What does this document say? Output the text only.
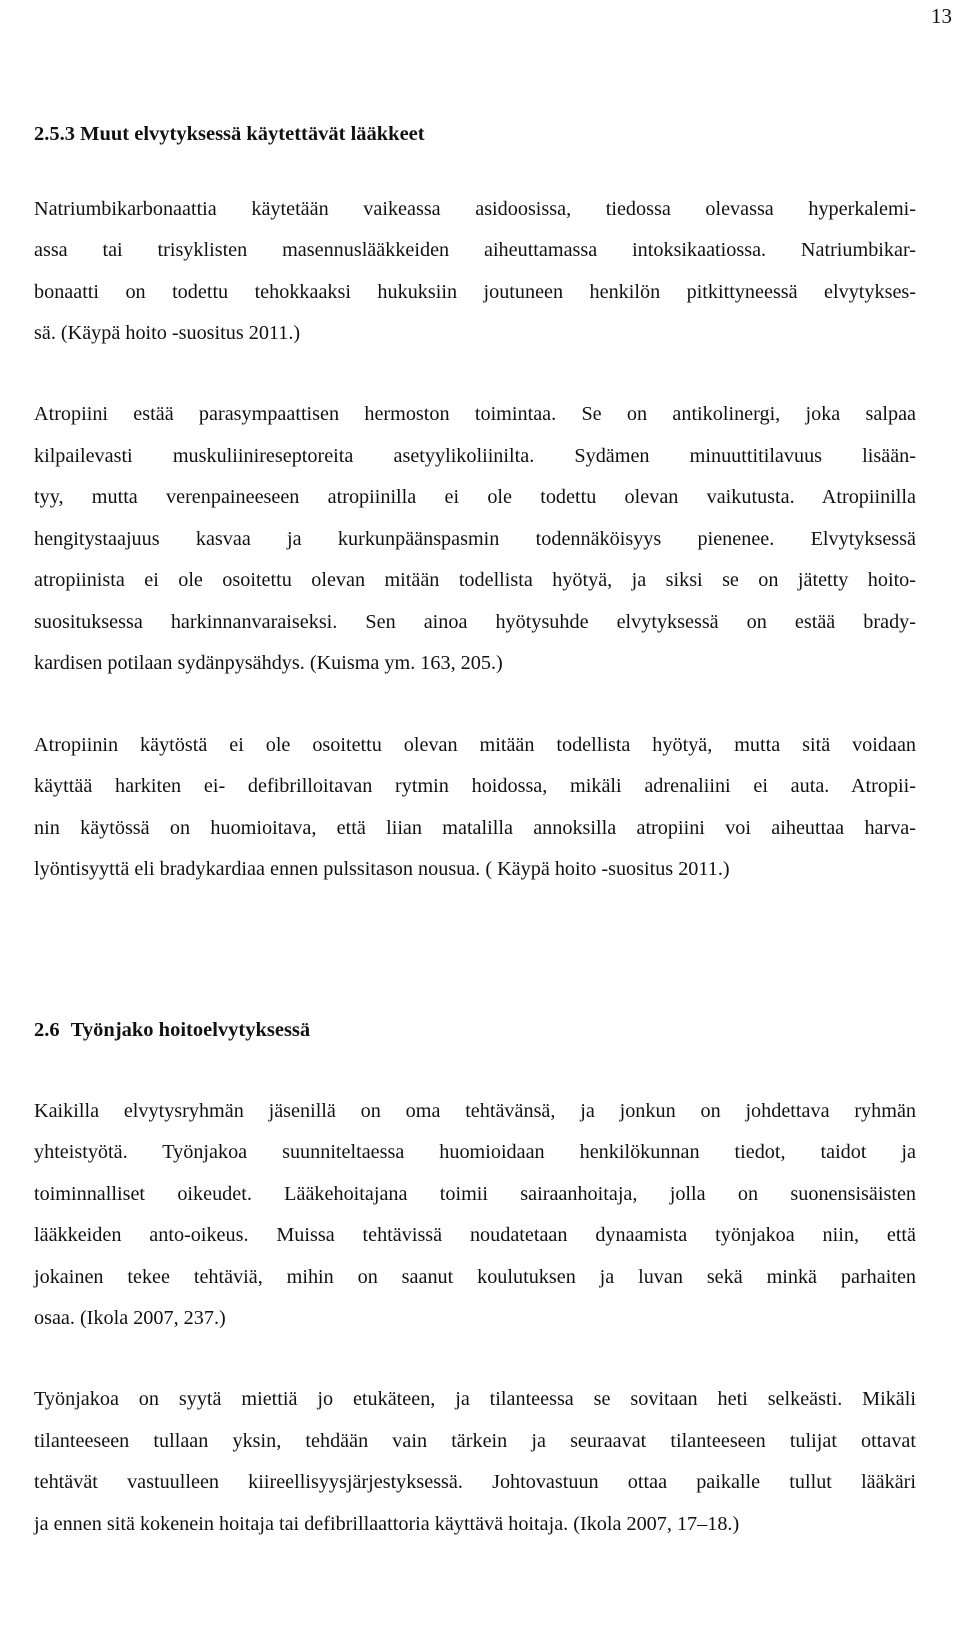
13
2.5.3 Muut elvytyksessä käytettävät lääkkeet
Natriumbikarbonaattia käytetään vaikeassa asidoosissa, tiedossa olevassa hyperkalemi-
assa tai trisyklisten masennuslääkkeiden aiheuttamassa intoksikaatiossa. Natriumbikar-
bonaatti on todettu tehokkaaksi hukuksiin joutuneen henkilön pitkittyneessä elvytykses-
sä. (Käypä hoito -suositus 2011.)
Atropiini estää parasympaattisen hermoston toimintaa. Se on antikolinergi, joka salpaa
kilpailevasti muskuliinireseptoreita asetyylikoliinilta. Sydämen minuuttitilavuus lisään-
tyy, mutta verenpaineeseen atropiinilla ei ole todettu olevan vaikutusta. Atropiinilla
hengitystaajuus kasvaa ja kurkunpäänspasmin todennäköisyys pienenee. Elvytyksessä
atropiinista ei ole osoitettu olevan mitään todellista hyötyä, ja siksi se on jätetty hoito-
suosituksessa harkinnanvaraiseksi. Sen ainoa hyötysuhde elvytyksessä on estää brady-
kardisen potilaan sydänpysähdys. (Kuisma ym. 163, 205.)
Atropiinin käytöstä ei ole osoitettu olevan mitään todellista hyötyä, mutta sitä voidaan
käyttää harkiten ei- defibrilloitavan rytmin hoidossa, mikäli adrenaliini ei auta. Atropii-
nin käytössä on huomioitava, että liian matalilla annoksilla atropiini voi aiheuttaa harva-
lyöntisyyttä eli bradykardiaa ennen pulssitason nousua. ( Käypä hoito -suositus 2011.)
2.6 Työnjako hoitoelvytyksessä
Kaikilla elvytysryhmän jäsenillä on oma tehtävänsä, ja jonkun on johdettava ryhmän
yhteistyötä. Työnjakoa suunniteltaessa huomioidaan henkilökunnan tiedot, taidot ja
toiminnalliset oikeudet. Lääkehoitajana toimii sairaanhoitaja, jolla on suonensisäisten
lääkkeiden anto-oikeus. Muissa tehtävissä noudatetaan dynaamista työnjakoa niin, että
jokainen tekee tehtäviä, mihin on saanut koulutuksen ja luvan sekä minkä parhaiten
osaa. (Ikola 2007, 237.)
Työnjakoa on syytä miettiä jo etukäteen, ja tilanteessa se sovitaan heti selkeästi. Mikäli
tilanteeseen tullaan yksin, tehdään vain tärkein ja seuraavat tilanteeseen tulijat ottavat
tehtävät vastuulleen kiireellisyysjärjestyksessä. Johtovastuun ottaa paikalle tullut lääkäri
ja ennen sitä kokenein hoitaja tai defibrillaattoria käyttävä hoitaja. (Ikola 2007, 17–18.)
